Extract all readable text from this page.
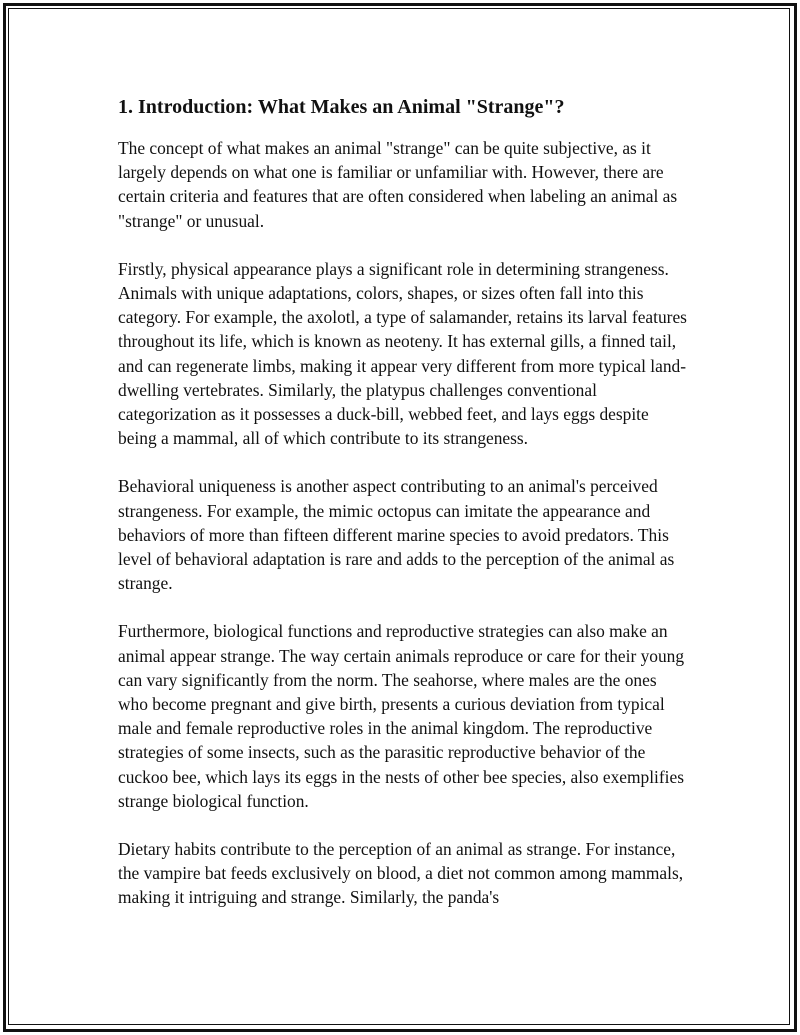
1. Introduction: What Makes an Animal "Strange"?

The concept of what makes an animal "strange" can be quite subjective, as it largely depends on what one is familiar or unfamiliar with. However, there are certain criteria and features that are often considered when labeling an animal as "strange" or unusual.

Firstly, physical appearance plays a significant role in determining strangeness. Animals with unique adaptations, colors, shapes, or sizes often fall into this category. For example, the axolotl, a type of salamander, retains its larval features throughout its life, which is known as neoteny. It has external gills, a finned tail, and can regenerate limbs, making it appear very different from more typical land-dwelling vertebrates. Similarly, the platypus challenges conventional categorization as it possesses a duck-bill, webbed feet, and lays eggs despite being a mammal, all of which contribute to its strangeness.

Behavioral uniqueness is another aspect contributing to an animal's perceived strangeness. For example, the mimic octopus can imitate the appearance and behaviors of more than fifteen different marine species to avoid predators. This level of behavioral adaptation is rare and adds to the perception of the animal as strange.

Furthermore, biological functions and reproductive strategies can also make an animal appear strange. The way certain animals reproduce or care for their young can vary significantly from the norm. The seahorse, where males are the ones who become pregnant and give birth, presents a curious deviation from typical male and female reproductive roles in the animal kingdom. The reproductive strategies of some insects, such as the parasitic reproductive behavior of the cuckoo bee, which lays its eggs in the nests of other bee species, also exemplifies strange biological function.

Dietary habits contribute to the perception of an animal as strange. For instance, the vampire bat feeds exclusively on blood, a diet not common among mammals, making it intriguing and strange. Similarly, the panda's
